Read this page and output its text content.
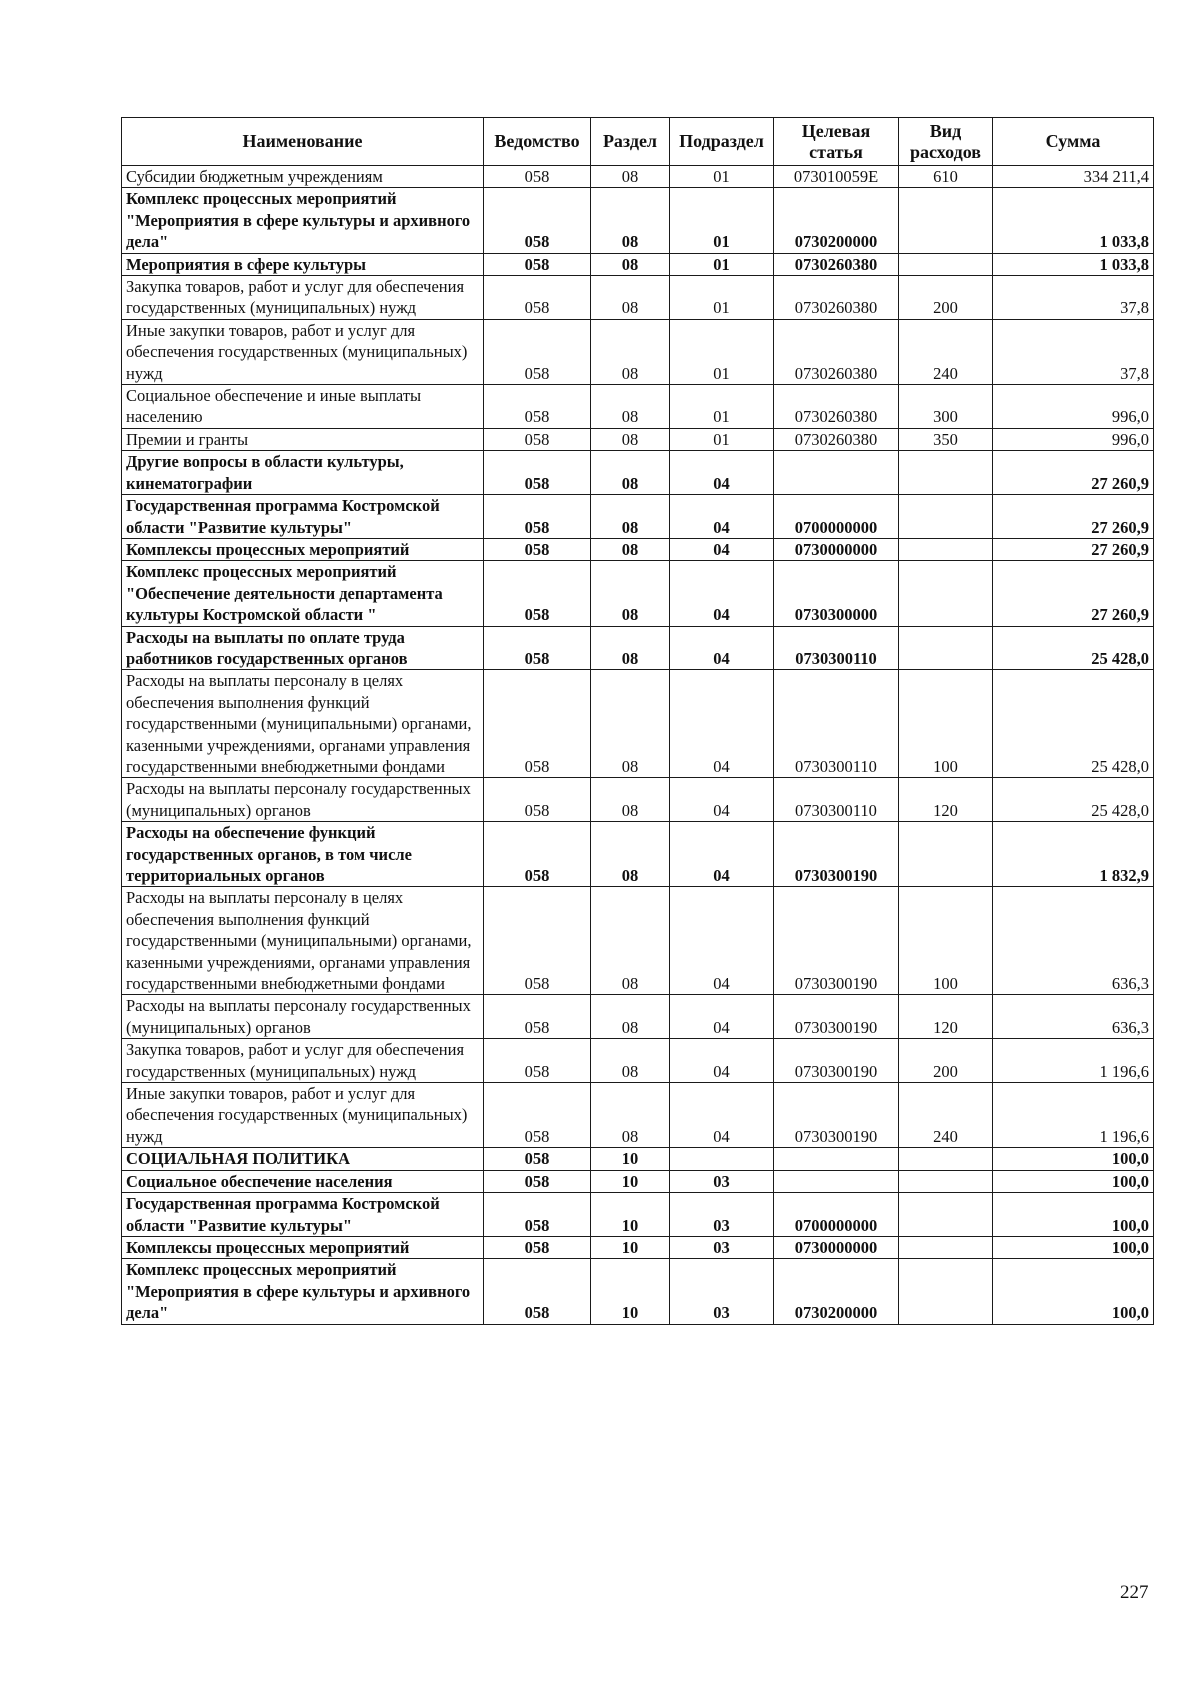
Наименование	Ведомство	Раздел	Подраздел	Целевая статья	Вид расходов	Сумма
Субсидии бюджетным учреждениям	058	08	01	073010059Е	610	334 211,4
Комплекс процессных мероприятий "Мероприятия в сфере культуры и архивного дела"	058	08	01	0730200000		1 033,8
Мероприятия в сфере культуры	058	08	01	0730260380		1 033,8
Закупка товаров, работ и услуг для обеспечения государственных (муниципальных) нужд	058	08	01	0730260380	200	37,8
Иные закупки товаров, работ и услуг для обеспечения государственных (муниципальных) нужд	058	08	01	0730260380	240	37,8
Социальное обеспечение и иные выплаты населению	058	08	01	0730260380	300	996,0
Премии и гранты	058	08	01	0730260380	350	996,0
Другие вопросы в области культуры, кинематографии	058	08	04			27 260,9
Государственная программа Костромской области "Развитие культуры"	058	08	04	0700000000		27 260,9
Комплексы процессных мероприятий	058	08	04	0730000000		27 260,9
Комплекс процессных мероприятий "Обеспечение деятельности департамента культуры Костромской области "	058	08	04	0730300000		27 260,9
Расходы на выплаты по оплате труда работников государственных органов	058	08	04	0730300110		25 428,0
Расходы на выплаты персоналу в целях обеспечения выполнения функций государственными (муниципальными) органами, казенными учреждениями, органами управления государственными внебюджетными фондами	058	08	04	0730300110	100	25 428,0
Расходы на выплаты персоналу государственных (муниципальных) органов	058	08	04	0730300110	120	25 428,0
Расходы на обеспечение функций государственных органов, в том числе территориальных органов	058	08	04	0730300190		1 832,9
Расходы на выплаты персоналу в целях обеспечения выполнения функций государственными (муниципальными) органами, казенными учреждениями, органами управления государственными внебюджетными фондами	058	08	04	0730300190	100	636,3
Расходы на выплаты персоналу государственных (муниципальных) органов	058	08	04	0730300190	120	636,3
Закупка товаров, работ и услуг для обеспечения государственных (муниципальных) нужд	058	08	04	0730300190	200	1 196,6
Иные закупки товаров, работ и услуг для обеспечения государственных (муниципальных) нужд	058	08	04	0730300190	240	1 196,6
СОЦИАЛЬНАЯ ПОЛИТИКА	058	10				100,0
Социальное обеспечение населения	058	10	03			100,0
Государственная программа Костромской области "Развитие культуры"	058	10	03	0700000000		100,0
Комплексы процессных мероприятий	058	10	03	0730000000		100,0
Комплекс процессных мероприятий "Мероприятия в сфере культуры и архивного дела"	058	10	03	0730200000		100,0
227
